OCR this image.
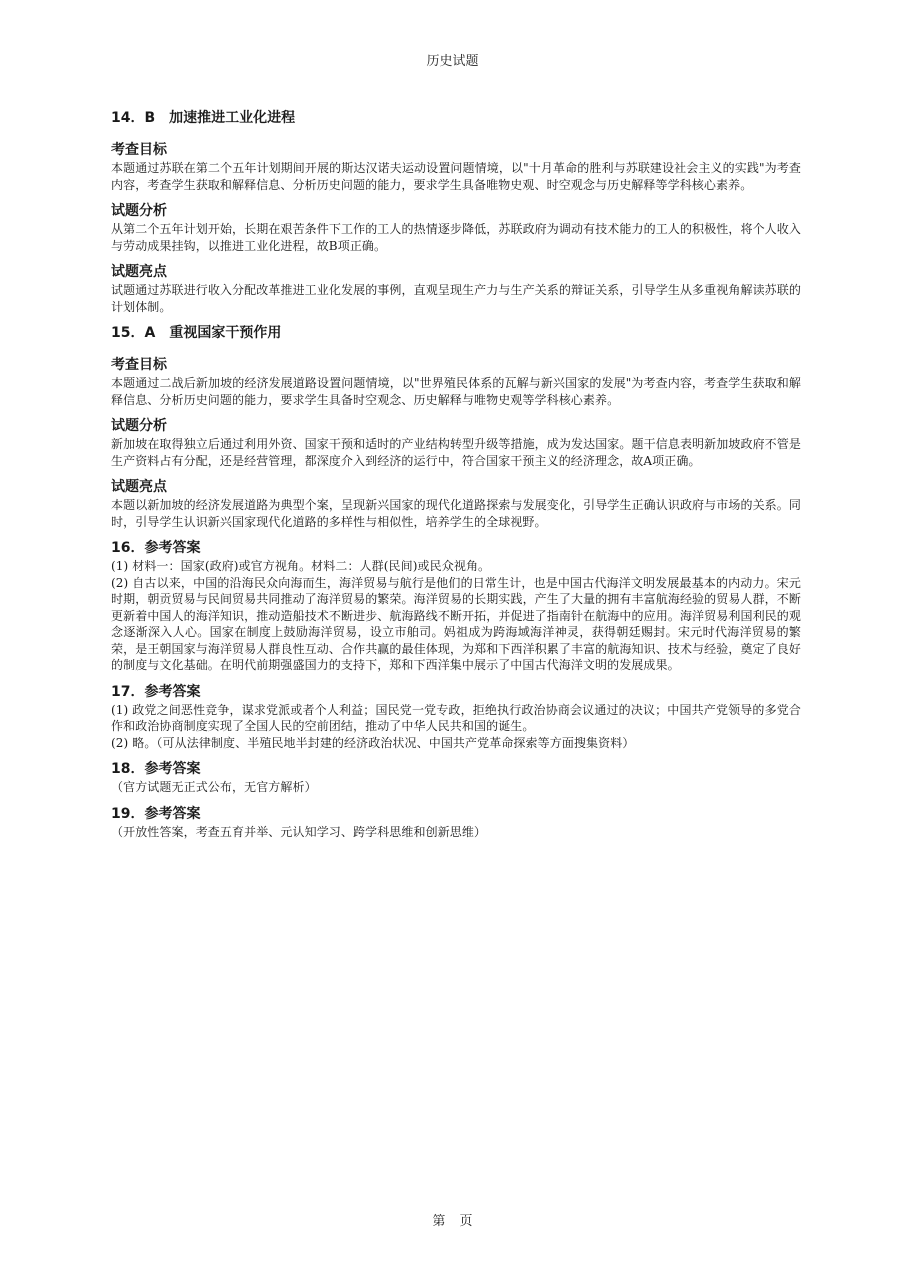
历史试题

14．B　加速推进工业化进程

考查目标

本题通过苏联在第二个五年计划期间开展的斯达汉诺夫运动设置问题情境，以"十月革命的胜利与苏联建设社会主义的实践"为考查内容，考查学生获取和解释信息、分析历史问题的能力，要求学生具备唯物史观、时空观念与历史解释等学科核心素养。

试题分析

从第二个五年计划开始，长期在艰苦条件下工作的工人的热情逐步降低，苏联政府为调动有技术能力的工人的积极性，将个人收入与劳动成果挂钩，以推进工业化进程，故B项正确。

试题亮点

试题通过苏联进行收入分配改革推进工业化发展的事例，直观呈现生产力与生产关系的辩证关系，引导学生从多重视角解读苏联的计划体制。

15．A　重视国家干预作用

考查目标

本题通过二战后新加坡的经济发展道路设置问题情境，以"世界殖民体系的瓦解与新兴国家的发展"为考查内容，考查学生获取和解释信息、分析历史问题的能力，要求学生具备时空观念、历史解释与唯物史观等学科核心素养。

试题分析

新加坡在取得独立后通过利用外资、国家干预和适时的产业结构转型升级等措施，成为发达国家。题干信息表明新加坡政府不管是生产资料占有分配，还是经营管理，都深度介入到经济的运行中，符合国家干预主义的经济理念，故A项正确。

试题亮点

本题以新加坡的经济发展道路为典型个案，呈现新兴国家的现代化道路探索与发展变化，引导学生正确认识政府与市场的关系。同时，引导学生认识新兴国家现代化道路的多样性与相似性，培养学生的全球视野。

16．参考答案

(1) 材料一：国家(政府)或官方视角。材料二：人群(民间)或民众视角。

(2) 自古以来，中国的沿海民众向海而生，海洋贸易与航行是他们的日常生计，也是中国古代海洋文明发展最基本的内动力。宋元时期，朝贡贸易与民间贸易共同推动了海洋贸易的繁荣。海洋贸易的长期实践，产生了大量的拥有丰富航海经验的贸易人群，不断更新着中国人的海洋知识，推动造船技术不断进步、航海路线不断开拓，并促进了指南针在航海中的应用。海洋贸易利国利民的观念逐渐深入人心。国家在制度上鼓励海洋贸易，设立市舶司。妈祖成为跨海域海洋神灵，获得朝廷赐封。宋元时代海洋贸易的繁荣，是王朝国家与海洋贸易人群良性互动、合作共赢的最佳体现，为郑和下西洋积累了丰富的航海知识、技术与经验，奠定了良好的制度与文化基础。在明代前期强盛国力的支持下，郑和下西洋集中展示了中国古代海洋文明的发展成果。

17．参考答案

(1) 政党之间恶性竞争，谋求党派或者个人利益；国民党一党专政，拒绝执行政治协商会议通过的决议；中国共产党领导的多党合作和政治协商制度实现了全国人民的空前团结，推动了中华人民共和国的诞生。

(2) 略。（可从法律制度、半殖民地半封建的经济政治状况、中国共产党革命探索等方面搜集资料）

18．参考答案

（官方试题无正式公布，无官方解析）

19．参考答案

（开放性答案，考查五育并举、元认知学习、跨学科思维和创新思维）

第 页
